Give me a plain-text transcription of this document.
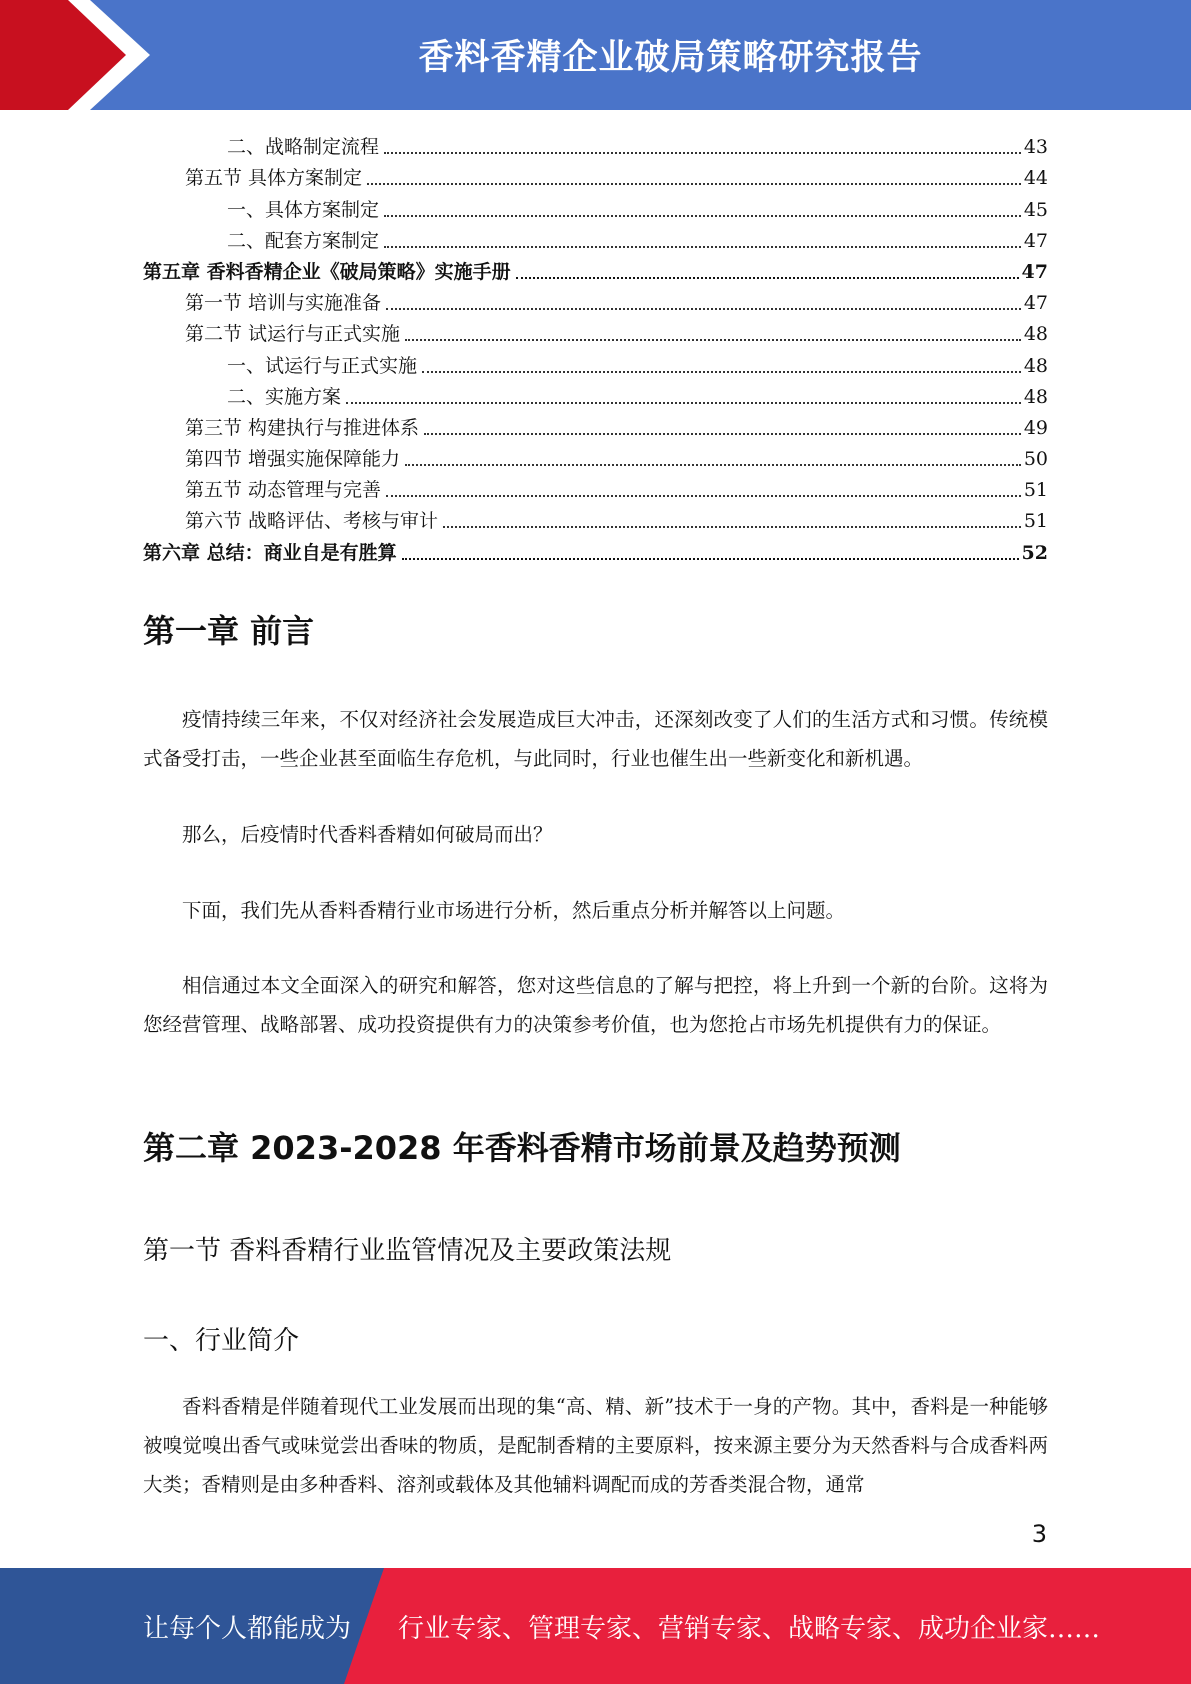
香料香精企业破局策略研究报告
二、战略制定流程	43
第五节 具体方案制定	44
一、具体方案制定	45
二、配套方案制定	47
第五章 香料香精企业《破局策略》实施手册	47
第一节 培训与实施准备	47
第二节 试运行与正式实施	48
一、试运行与正式实施	48
二、实施方案	48
第三节 构建执行与推进体系	49
第四节 增强实施保障能力	50
第五节 动态管理与完善	51
第六节 战略评估、考核与审计	51
第六章 总结：商业自是有胜算	52
第一章 前言
疫情持续三年来，不仅对经济社会发展造成巨大冲击，还深刻改变了人们的生活方式和习惯。传统模式备受打击，一些企业甚至面临生存危机，与此同时，行业也催生出一些新变化和新机遇。
那么，后疫情时代香料香精如何破局而出？
下面，我们先从香料香精行业市场进行分析，然后重点分析并解答以上问题。
相信通过本文全面深入的研究和解答，您对这些信息的了解与把控，将上升到一个新的台阶。这将为您经营管理、战略部署、成功投资提供有力的决策参考价值，也为您抢占市场先机提供有力的保证。
第二章 2023-2028 年香料香精市场前景及趋势预测
第一节 香料香精行业监管情况及主要政策法规
一、行业简介
香料香精是伴随着现代工业发展而出现的集“高、精、新”技术于一身的产物。其中，香料是一种能够被嗅觉嗅出香气或味觉尝出香味的物质，是配制香精的主要原料，按来源主要分为天然香料与合成香料两大类；香精则是由多种香料、溶剂或载体及其他辅料调配而成的芳香类混合物，通常
3
让每个人都能成为 行业专家、管理专家、营销专家、战略专家、成功企业家……
